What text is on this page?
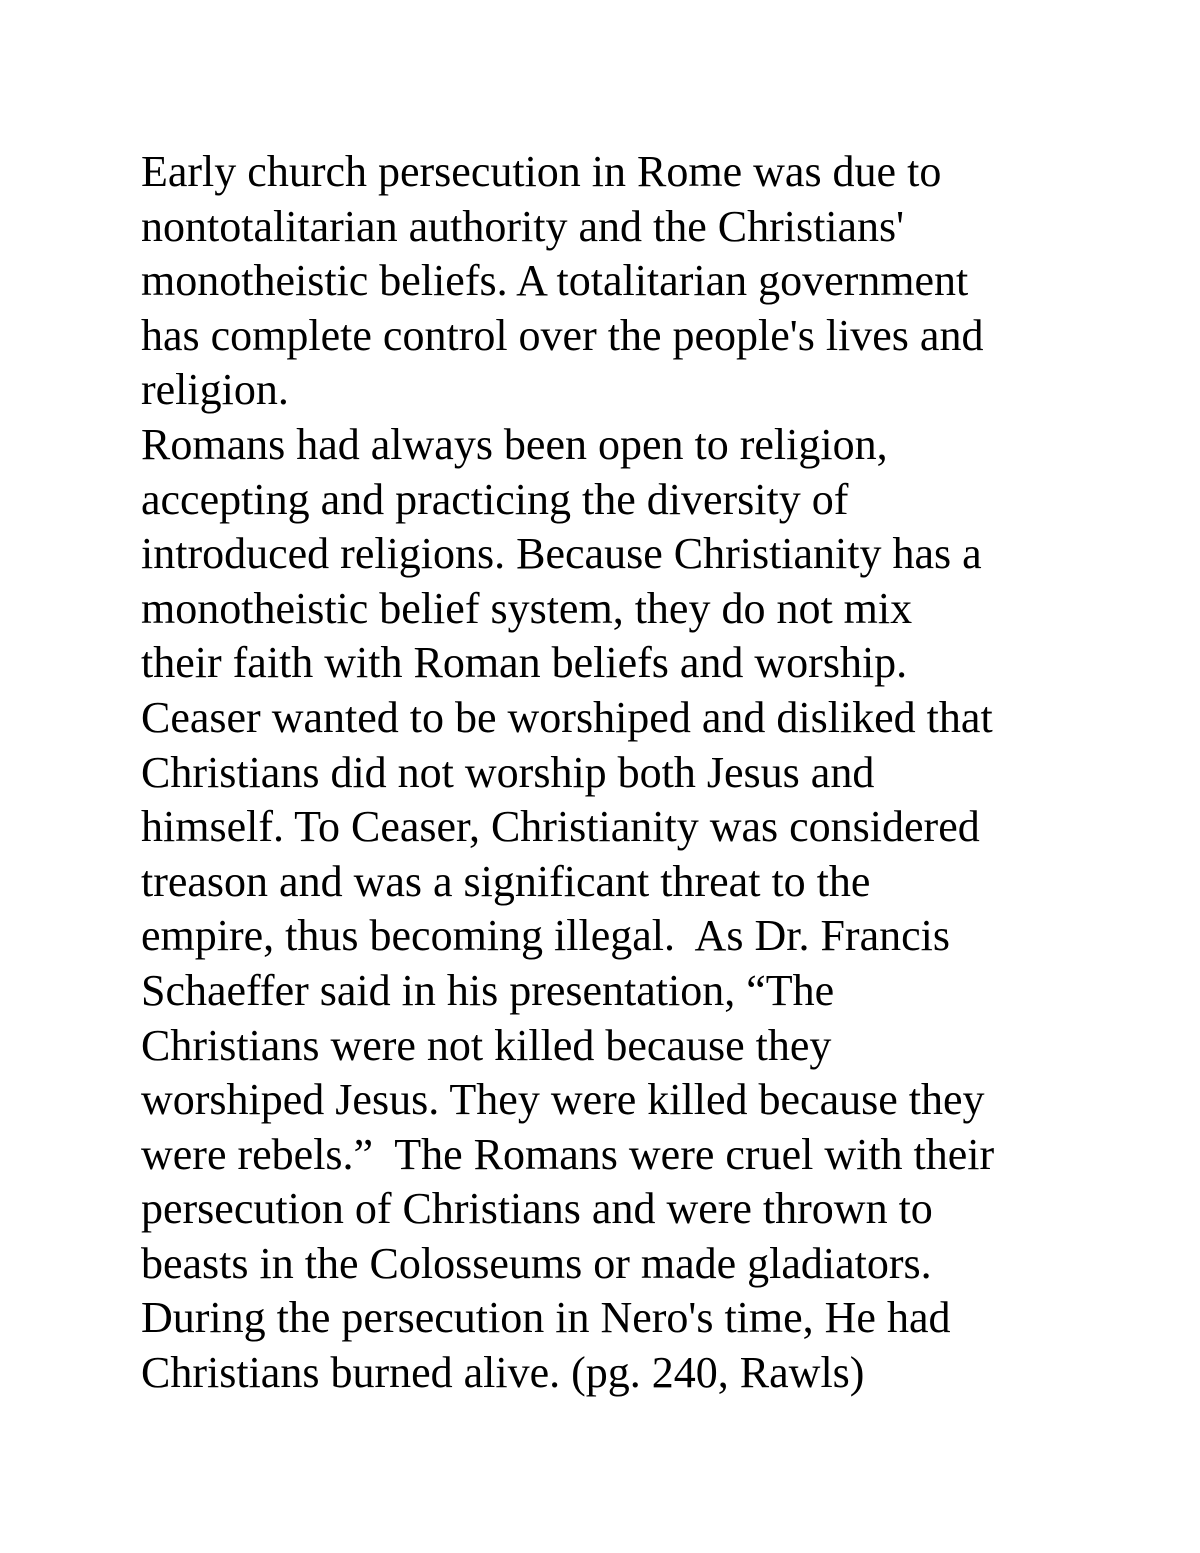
Early church persecution in Rome was due to
nontotalitarian authority and the Christians'
monotheistic beliefs. A totalitarian government
has complete control over the people's lives and
religion.
Romans had always been open to religion,
accepting and practicing the diversity of
introduced religions. Because Christianity has a
monotheistic belief system, they do not mix
their faith with Roman beliefs and worship.
Ceaser wanted to be worshiped and disliked that
Christians did not worship both Jesus and
himself. To Ceaser, Christianity was considered
treason and was a significant threat to the
empire, thus becoming illegal.  As Dr. Francis
Schaeffer said in his presentation, “The
Christians were not killed because they
worshiped Jesus. They were killed because they
were rebels.”  The Romans were cruel with their
persecution of Christians and were thrown to
beasts in the Colosseums or made gladiators.
During the persecution in Nero's time, He had
Christians burned alive. (pg. 240, Rawls)
